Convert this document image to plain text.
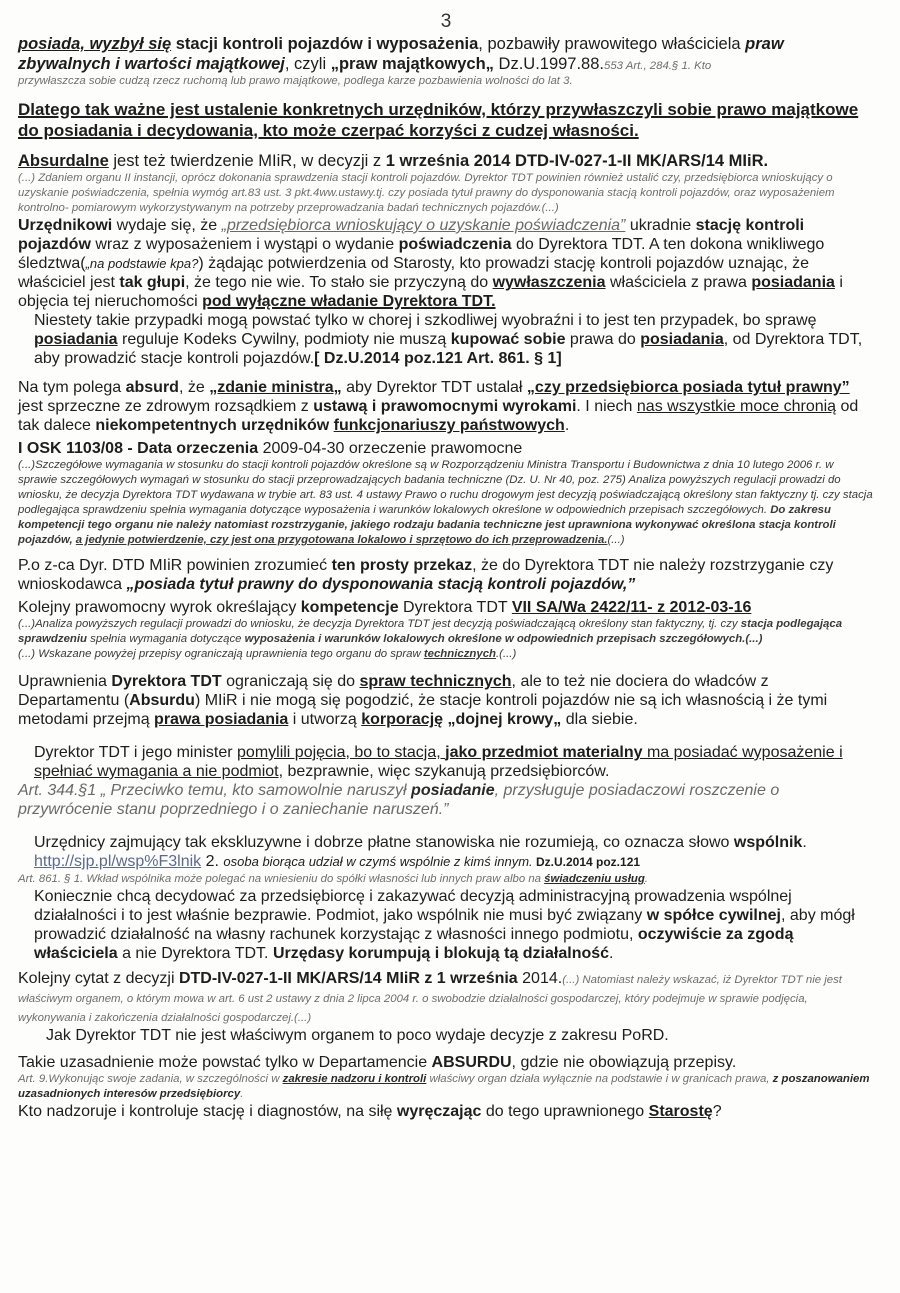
3

posiada, wyzbył się stacji kontroli pojazdów i wyposażenia, pozbawiły prawowitego właściciela praw zbywalnych i wartości majątkowej, czyli „praw majątkowych„ Dz.U.1997.88.553 Art., 284.§ 1. Kto

przywłaszcza sobie cudzą rzecz ruchomą lub prawo majątkowe, podlega karze pozbawienia wolności do lat 3.

Dlatego tak ważne jest ustalenie konkretnych urzędników, którzy przywłaszczyli sobie prawo majątkowe do posiadania i decydowania, kto może czerpać korzyści z cudzej własności.

Absurdalne jest też twierdzenie MIiR, w decyzji z 1 września 2014 DTD-IV-027-1-II MK/ARS/14 MIiR.

(...) Zdaniem organu II instancji, oprócz dokonania sprawdzenia stacji kontroli pojazdów. Dyrektor TDT powinien również ustalić czy, przedsiębiorca wnioskujący o uzyskanie poświadczenia, spełnia wymóg art.83 ust. 3 pkt.4ww.ustawy.tj. czy posiada tytuł prawny do dysponowania stacją kontroli pojazdów, oraz wyposażeniem kontrolno- pomiarowym wykorzystywanym na potrzeby przeprowadzania badań technicznych pojazdów.(...)

Urzędnikowi wydaje się, że „przedsiębiorca wnioskujący o uzyskanie poświadczenia” ukradnie stację kontroli pojazdów wraz z wyposażeniem i wystąpi o wydanie poświadczenia do Dyrektora TDT. A ten dokona wnikliwego śledztwa(„na podstawie kpa?) żądając potwierdzenia od Starosty, kto prowadzi stację kontroli pojazdów uznając, że właściciel jest tak głupi, że tego nie wie. To stało sie przyczyną do wywłaszczenia właściciela z prawa posiadania i objęcia tej nieruchomości pod wyłączne władanie Dyrektora TDT.

Niestety takie przypadki mogą powstać tylko w chorej i szkodliwej wyobraźni i to jest ten przypadek, bo sprawę posiadania reguluje Kodeks Cywilny, podmioty nie muszą kupować sobie prawa do posiadania, od Dyrektora TDT, aby prowadzić stacje kontroli pojazdów.[ Dz.U.2014 poz.121 Art. 861. § 1]

Na tym polega absurd, że „zdanie ministra„ aby Dyrektor TDT ustalał „czy przedsiębiorca posiada tytuł prawny” jest sprzeczne ze zdrowym rozsądkiem z ustawą i prawomocnymi wyrokami. I niech nas wszystkie moce chronią od tak dalece niekompetentnych urzędników funkcjonariuszy państwowych.

I OSK 1103/08 - Data orzeczenia 2009-04-30 orzeczenie prawomocne

(...)Szczegółowe wymagania w stosunku do stacji kontroli pojazdów określone są w Rozporządzeniu Ministra Transportu i Budownictwa z dnia 10 lutego 2006 r. w sprawie szczegółowych wymagań w stosunku do stacji przeprowadzających badania techniczne (Dz. U. Nr 40, poz. 275) Analiza powyższych regulacji prowadzi do wniosku, że decyzja Dyrektora TDT wydawana w trybie art. 83 ust. 4 ustawy Prawo o ruchu drogowym jest decyzją poświadczającą określony stan faktyczny tj. czy stacja podlegająca sprawdzeniu spełnia wymagania dotyczące wyposażenia i warunków lokalowych określone w odpowiednich przepisach szczegółowych. Do zakresu kompetencji tego organu nie należy natomiast rozstrzyganie, jakiego rodzaju badania techniczne jest uprawniona wykonywać określona stacja kontroli pojazdów, a jedynie potwierdzenie, czy jest ona przygotowana lokalowo i sprzętowo do ich przeprowadzenia.(...)

P.o z-ca Dyr. DTD MIiR powinien zrozumieć ten prosty przekaz, że do Dyrektora TDT nie należy rozstrzyganie czy wnioskodawca „posiada tytuł prawny do dysponowania stacją kontroli pojazdów,”

Kolejny prawomocny wyrok określający kompetencje Dyrektora TDT VII SA/Wa 2422/11- z 2012-03-16

(...)Analiza powyższych regulacji prowadzi do wniosku, że decyzja Dyrektora TDT jest decyzją poświadczającą określony stan faktyczny, tj. czy stacja podlegająca sprawdzeniu spełnia wymagania dotyczące wyposażenia i warunków lokalowych określone w odpowiednich przepisach szczegółowych.(...)

(...) Wskazane powyżej przepisy ograniczają uprawnienia tego organu do spraw technicznych.(...)

Uprawnienia Dyrektora TDT ograniczają się do spraw technicznych, ale to też nie dociera do władców z Departamentu (Absurdu) MIiR i nie mogą się pogodzić, że stacje kontroli pojazdów nie są ich własnością i że tymi metodami przejmą prawa posiadania i utworzą korporację „dojnej krowy„ dla siebie.

Dyrektor TDT i jego minister pomylili pojęcia, bo to stacja, jako przedmiot materialny ma posiadać wyposażenie i spełniać wymagania a nie podmiot, bezprawnie, więc szykanują przedsiębiorców.

Art. 344.§1 „ Przeciwko temu, kto samowolnie naruszył posiadanie, przysługuje posiadaczowi roszczenie o przywrócenie stanu poprzedniego i o zaniechanie naruszeń.”

Urzędnicy zajmujący tak ekskluzywne i dobrze płatne stanowiska nie rozumieją, co oznacza słowo wspólnik. http://sjp.pl/wsp%F3lnik 2. osoba biorąca udział w czymś wspólnie z kimś innym. Dz.U.2014 poz.121

Art. 861. § 1. Wkład wspólnika może polegać na wniesieniu do spółki własności lub innych praw albo na świadczeniu usług.

Koniecznie chcą decydować za przedsiębiorcę i zakazywać decyzją administracyjną prowadzenia wspólnej działalności i to jest właśnie bezprawie. Podmiot, jako wspólnik nie musi być związany w spółce cywilnej, aby mógł prowadzić działalność na własny rachunek korzystając z własności innego podmiotu, oczywiście za zgodą właściciela a nie Dyrektora TDT. Urzędasy korumpują i blokują tą działalność.

Kolejny cytat z decyzji DTD-IV-027-1-II MK/ARS/14 MIiR z 1 września 2014.(...) Natomiast należy wskazać, iż Dyrektor TDT nie jest właściwym organem, o którym mowa w art. 6 ust 2 ustawy z dnia 2 lipca 2004 r. o swobodzie działalności gospodarczej, który podejmuje w sprawie podjęcia, wykonywania i zakończenia działalności gospodarczej.(...)

Jak Dyrektor TDT nie jest właściwym organem to poco wydaje decyzje z zakresu PoRD.

Takie uzasadnienie może powstać tylko w Departamencie ABSURDU, gdzie nie obowiązują przepisy.

Art. 9.Wykonując swoje zadania, w szczególności w zakresie nadzoru i kontroli właściwy organ działa wyłącznie na podstawie i w granicach prawa, z poszanowaniem uzasadnionych interesów przedsiębiorcy.

Kto nadzoruje i kontroluje stację i diagnostów, na siłę wyręczając do tego uprawnionego Starostę?
